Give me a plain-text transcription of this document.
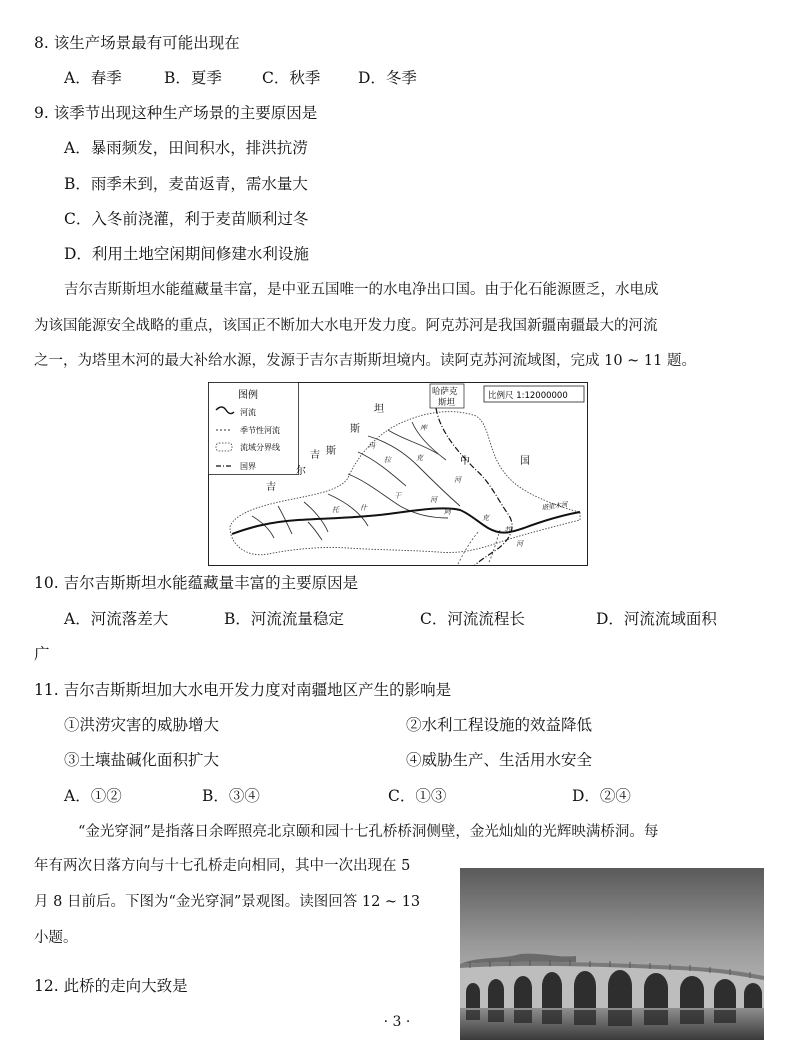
8. 该生产场景最有可能出现在
A．春季	B．夏季	C．秋季 D．冬季
9. 该季节出现这种生产场景的主要原因是
A．暴雨频发，田间积水，排洪抗涝
B．雨季未到，麦苗返青，需水量大
C．入冬前浇灌，利于麦苗顺利过冬
D．利用土地空闲期间修建水利设施
吉尔吉斯斯坦水能蕴藏量丰富，是中亚五国唯一的水电净出口国。由于化石能源匮乏，水电成
为该国能源安全战略的重点，该国正不断加大水电开发力度。阿克苏河是我国新疆南疆最大的河流
之一，为塔里木河的最大补给水源，发源于吉尔吉斯斯坦境内。读阿克苏河流域图，完成 10 ~ 11 题。
图例
河流
季节性河流
流域分界线
国界
比例尺 1:12000000
哈萨克
斯坦
坦
斯
斯
吉
尔
吉
中	国
库
玛
拉	克
河
托	什
干	河
阿
克
苏
河
塔里木河
10. 吉尔吉斯斯坦水能蕴藏量丰富的主要原因是
A．河流落差大	B．河流流量稳定	C．河流流程长	D．河流流域面积
广
11. 吉尔吉斯斯坦加大水电开发力度对南疆地区产生的影响是
①洪涝灾害的威胁增大	②水利工程设施的效益降低
③土壤盐碱化面积扩大	④威胁生产、生活用水安全
A．①②	B．③④	C．①③	D．②④
“金光穿洞”是指落日余晖照亮北京颐和园十七孔桥桥洞侧壁，金光灿灿的光辉映满桥洞。每
年有两次日落方向与十七孔桥走向相同，其中一次出现在 5
月 8 日前后。下图为“金光穿洞”景观图。读图回答 12 ~ 13
小题。
12. 此桥的走向大致是
· 3 ·
